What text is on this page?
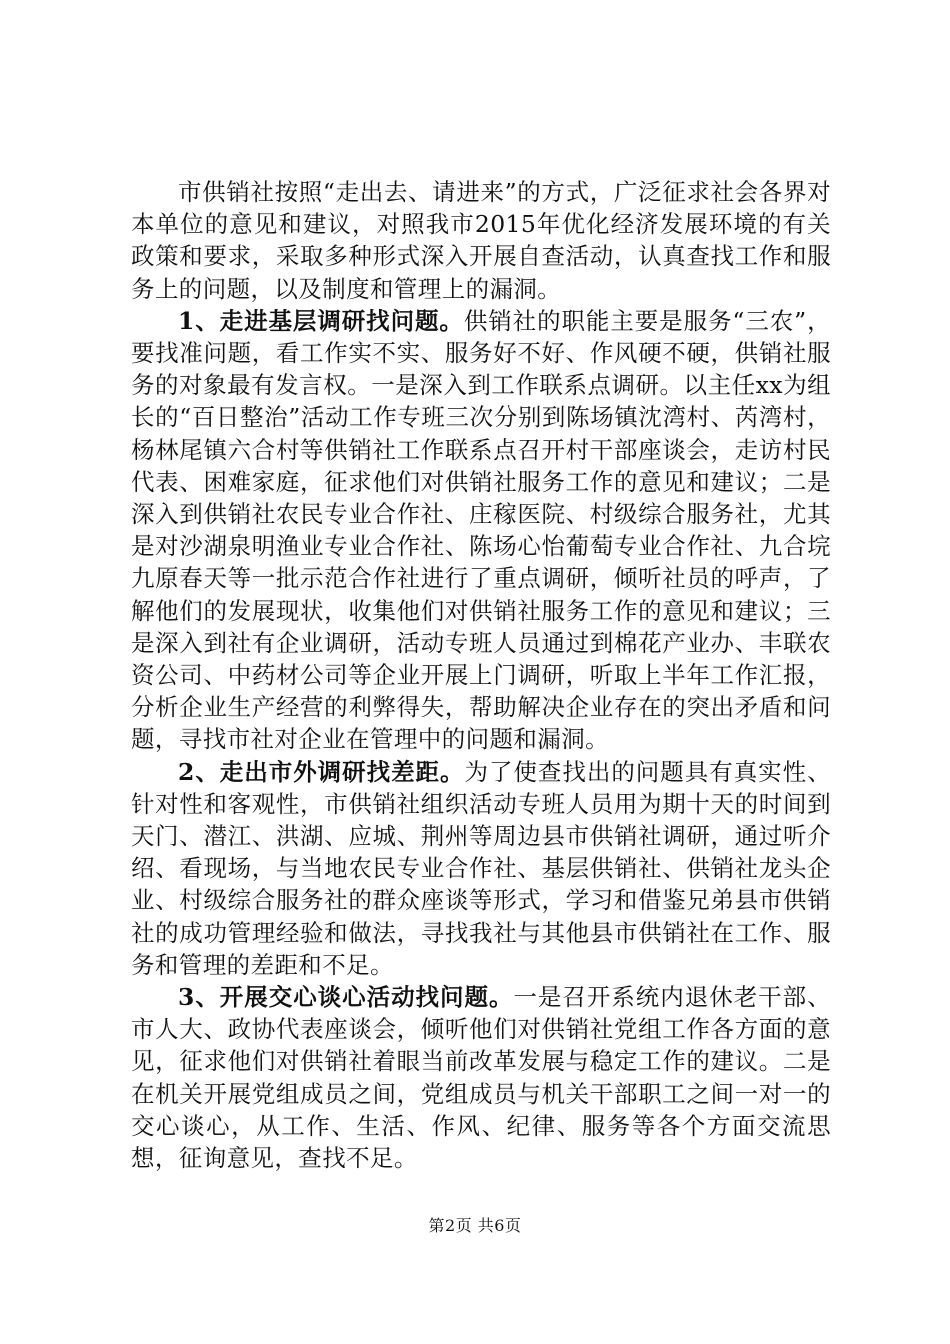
市供销社按照“走出去、请进来”的方式，广泛征求社会各界对本单位的意见和建议，对照我市2015年优化经济发展环境的有关政策和要求，采取多种形式深入开展自查活动，认真查找工作和服务上的问题，以及制度和管理上的漏洞。

1、走进基层调研找问题。供销社的职能主要是服务“三农”，要找准问题，看工作实不实、服务好不好、作风硬不硬，供销社服务的对象最有发言权。一是深入到工作联系点调研。以主任xx为组长的“百日整治”活动工作专班三次分别到陈场镇沈湾村、芮湾村，杨林尾镇六合村等供销社工作联系点召开村干部座谈会，走访村民代表、困难家庭，征求他们对供销社服务工作的意见和建议；二是深入到供销社农民专业合作社、庄稼医院、村级综合服务社，尤其是对沙湖泉明渔业专业合作社、陈场心怡葡萄专业合作社、九合垸九原春天等一批示范合作社进行了重点调研，倾听社员的呼声，了解他们的发展现状，收集他们对供销社服务工作的意见和建议；三是深入到社有企业调研，活动专班人员通过到棉花产业办、丰联农资公司、中药材公司等企业开展上门调研，听取上半年工作汇报，分析企业生产经营的利弊得失，帮助解决企业存在的突出矛盾和问题，寻找市社对企业在管理中的问题和漏洞。

2、走出市外调研找差距。为了使查找出的问题具有真实性、针对性和客观性，市供销社组织活动专班人员用为期十天的时间到天门、潜江、洪湖、应城、荆州等周边县市供销社调研，通过听介绍、看现场，与当地农民专业合作社、基层供销社、供销社龙头企业、村级综合服务社的群众座谈等形式，学习和借鉴兄弟县市供销社的成功管理经验和做法，寻找我社与其他县市供销社在工作、服务和管理的差距和不足。

3、开展交心谈心活动找问题。一是召开系统内退休老干部、市人大、政协代表座谈会，倾听他们对供销社党组工作各方面的意见，征求他们对供销社着眼当前改革发展与稳定工作的建议。二是在机关开展党组成员之间，党组成员与机关干部职工之间一对一的交心谈心，从工作、生活、作风、纪律、服务等各个方面交流思想，征询意见，查找不足。

第2页 共6页
